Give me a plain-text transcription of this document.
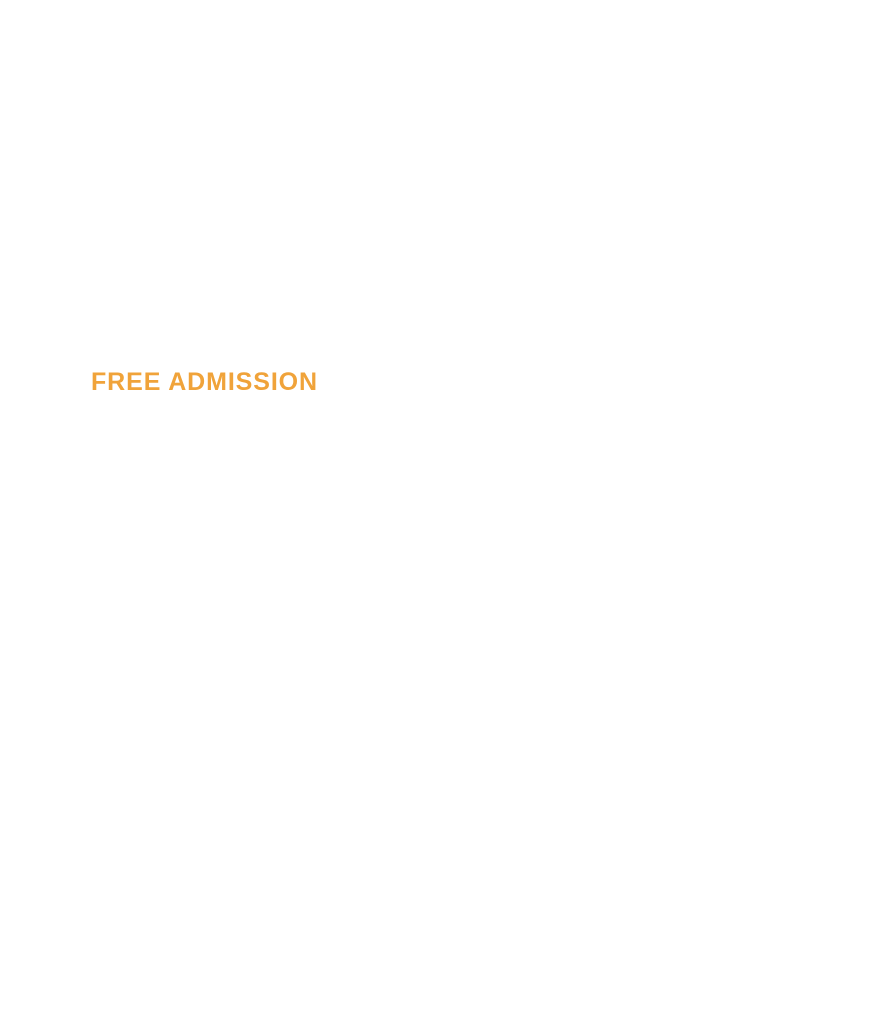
FREE ADMISSION
